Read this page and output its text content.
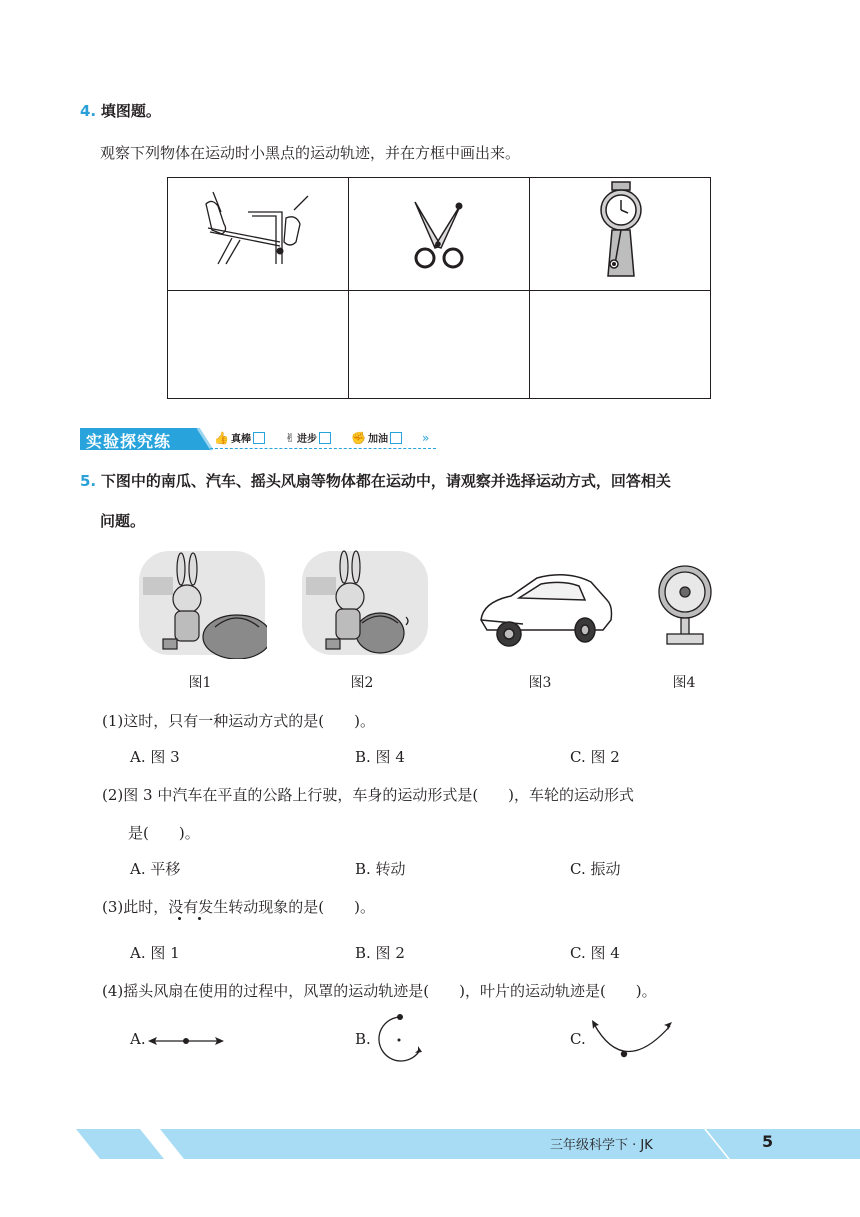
4. 填图题。
观察下列物体在运动时小黑点的运动轨迹，并在方框中画出来。

实验探究练	👍 真棒	✌ 进步	✊ 加油	»
5. 下图中的南瓜、汽车、摇头风扇等物体都在运动中，请观察并选择运动方式，回答相关
问题。
图1	图2	图3	图4
(1)这时，只有一种运动方式的是(　　)。
A. 图 3	B. 图 4	C. 图 2
(2)图 3 中汽车在平直的公路上行驶，车身的运动形式是(　　)，车轮的运动形式
是(　　)。
A. 平移	B. 转动	C. 振动
(3)此时，没有发生转动现象的是(　　)。
A. 图 1	B. 图 2	C. 图 4
(4)摇头风扇在使用的过程中，风罩的运动轨迹是(　　)，叶片的运动轨迹是(　　)。
A.	B.	C.
三年级科学下 · JK	5
